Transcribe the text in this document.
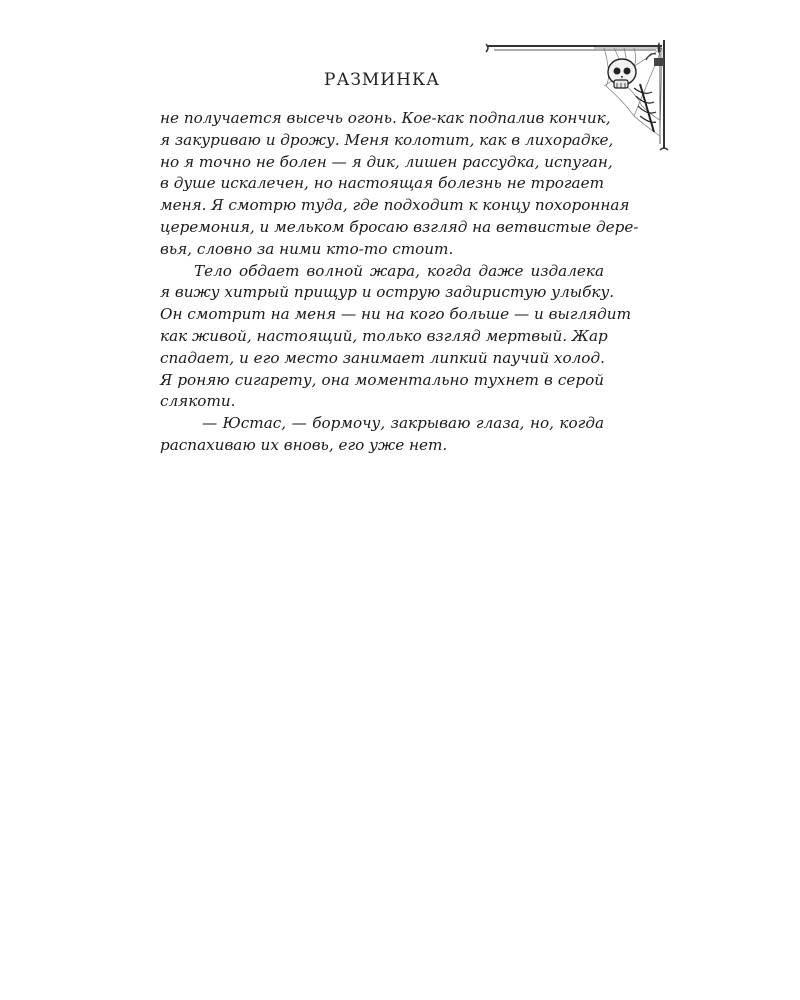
РАЗМИНКА
не получается высечь огонь. Кое-как подпалив кончик,
я закуриваю и дрожу. Меня колотит, как в лихорадке,
но я точно не болен — я дик, лишен рассудка, испуган,
в душе искалечен, но настоящая болезнь не трогает
меня. Я смотрю туда, где подходит к концу похоронная
церемония, и мельком бросаю взгляд на ветвистые дере-
вья, словно за ними кто-то стоит.
Тело обдает волной жара, когда даже издалека
я вижу хитрый прищур и острую задиристую улыбку.
Он смотрит на меня — ни на кого больше — и выглядит
как живой, настоящий, только взгляд мертвый. Жар
спадает, и его место занимает липкий паучий холод.
Я роняю сигарету, она моментально тухнет в серой
слякоти.
— Юстас, — бормочу, закрываю глаза, но, когда
распахиваю их вновь, его уже нет.
